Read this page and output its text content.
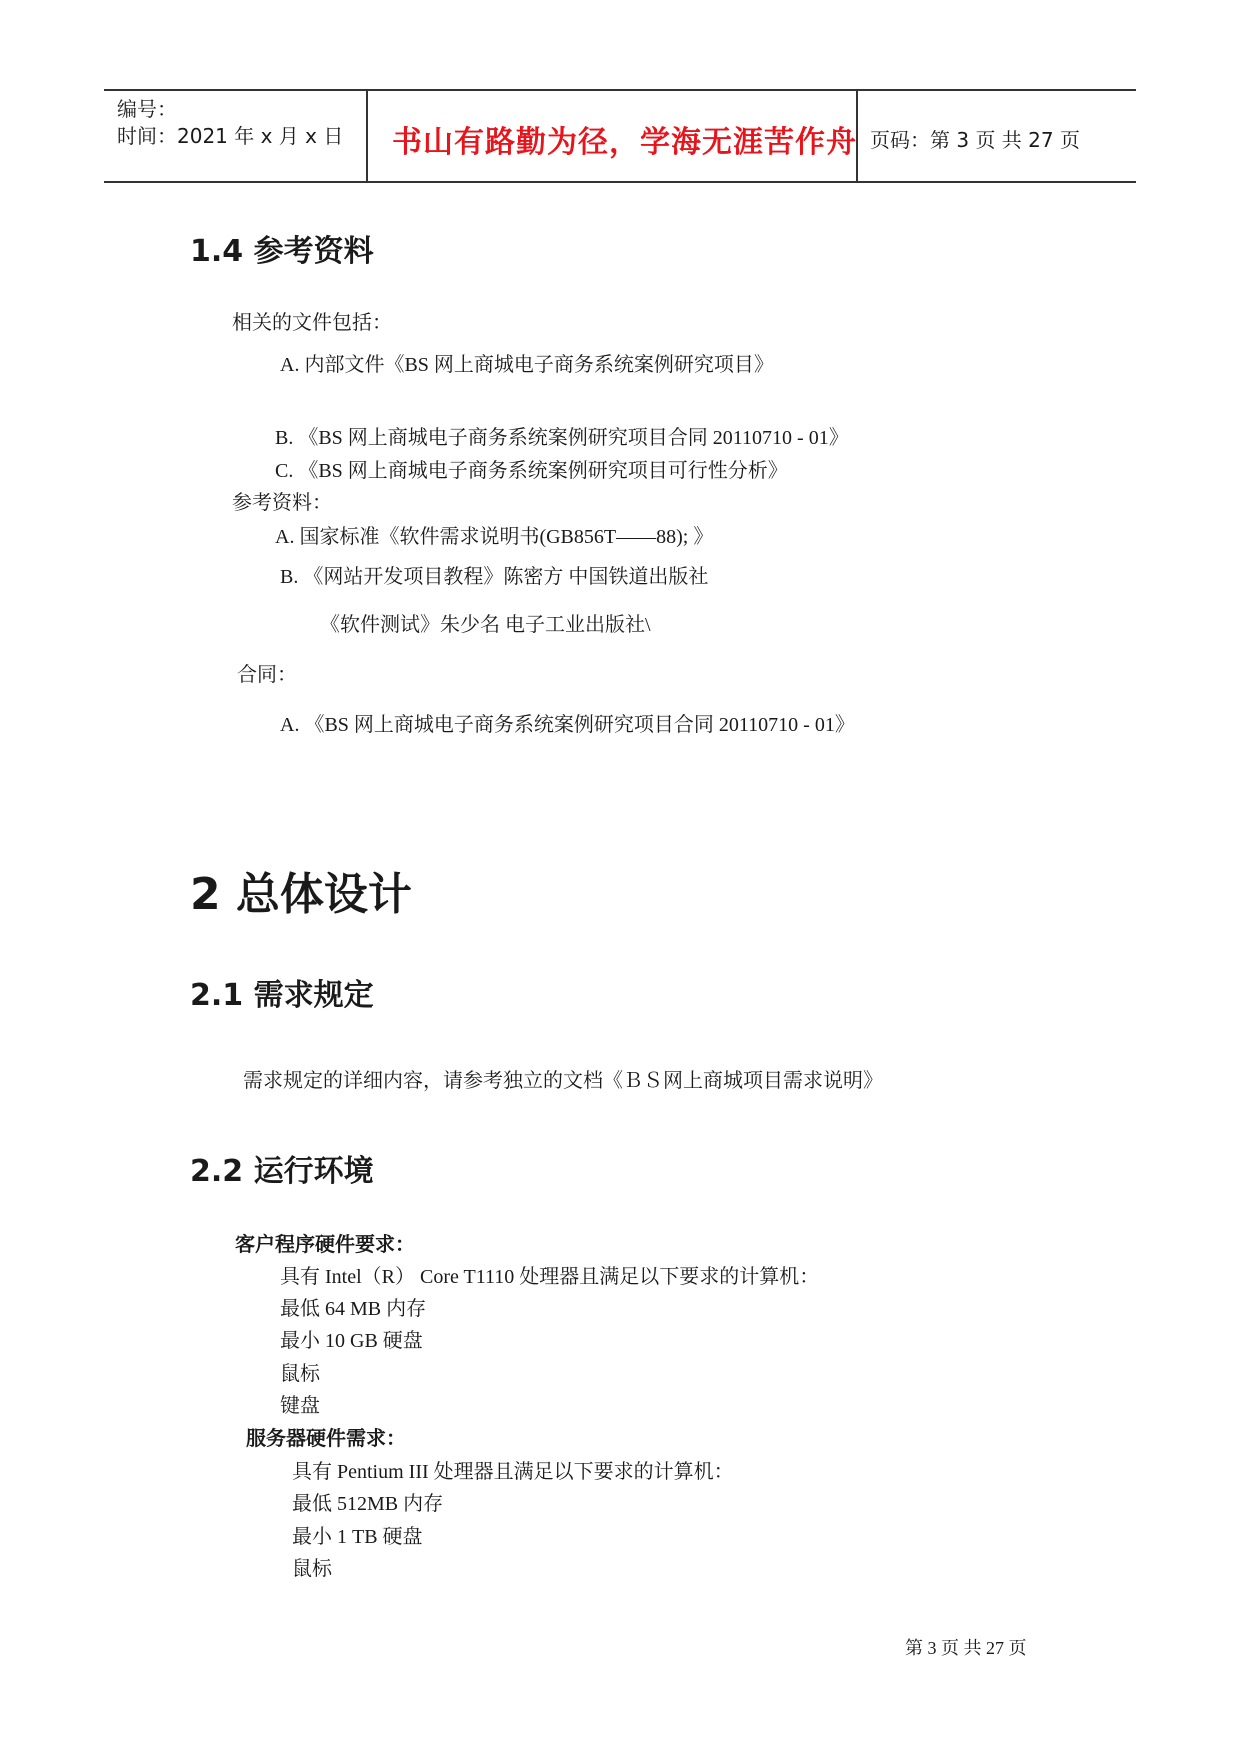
编号：
时间：2021 年 x 月 x 日 书山有路勤为径，学海无涯苦作舟 页码：第 3 页 共 27 页
1.4 参考资料
相关的文件包括：
A. 内部文件《BS 网上商城电子商务系统案例研究项目》
B. 《BS 网上商城电子商务系统案例研究项目合同 20110710 - 01》
C. 《BS 网上商城电子商务系统案例研究项目可行性分析》
参考资料：
A. 国家标准《软件需求说明书(GB856T——88); 》
B. 《网站开发项目教程》陈密方 中国铁道出版社
《软件测试》朱少名 电子工业出版社\
合同：
A. 《BS 网上商城电子商务系统案例研究项目合同 20110710 - 01》
2 总体设计
2.1 需求规定
需求规定的详细内容，请参考独立的文档《ＢＳ网上商城项目需求说明》
2.2 运行环境
客户程序硬件要求：
具有 Intel（R） Core T1110 处理器且满足以下要求的计算机：
最低 64 MB 内存
最小 10 GB 硬盘
鼠标
键盘
服务器硬件需求：
具有 Pentium III 处理器且满足以下要求的计算机：
最低 512MB 内存
最小 1 TB 硬盘
鼠标
第 3 页 共 27 页
